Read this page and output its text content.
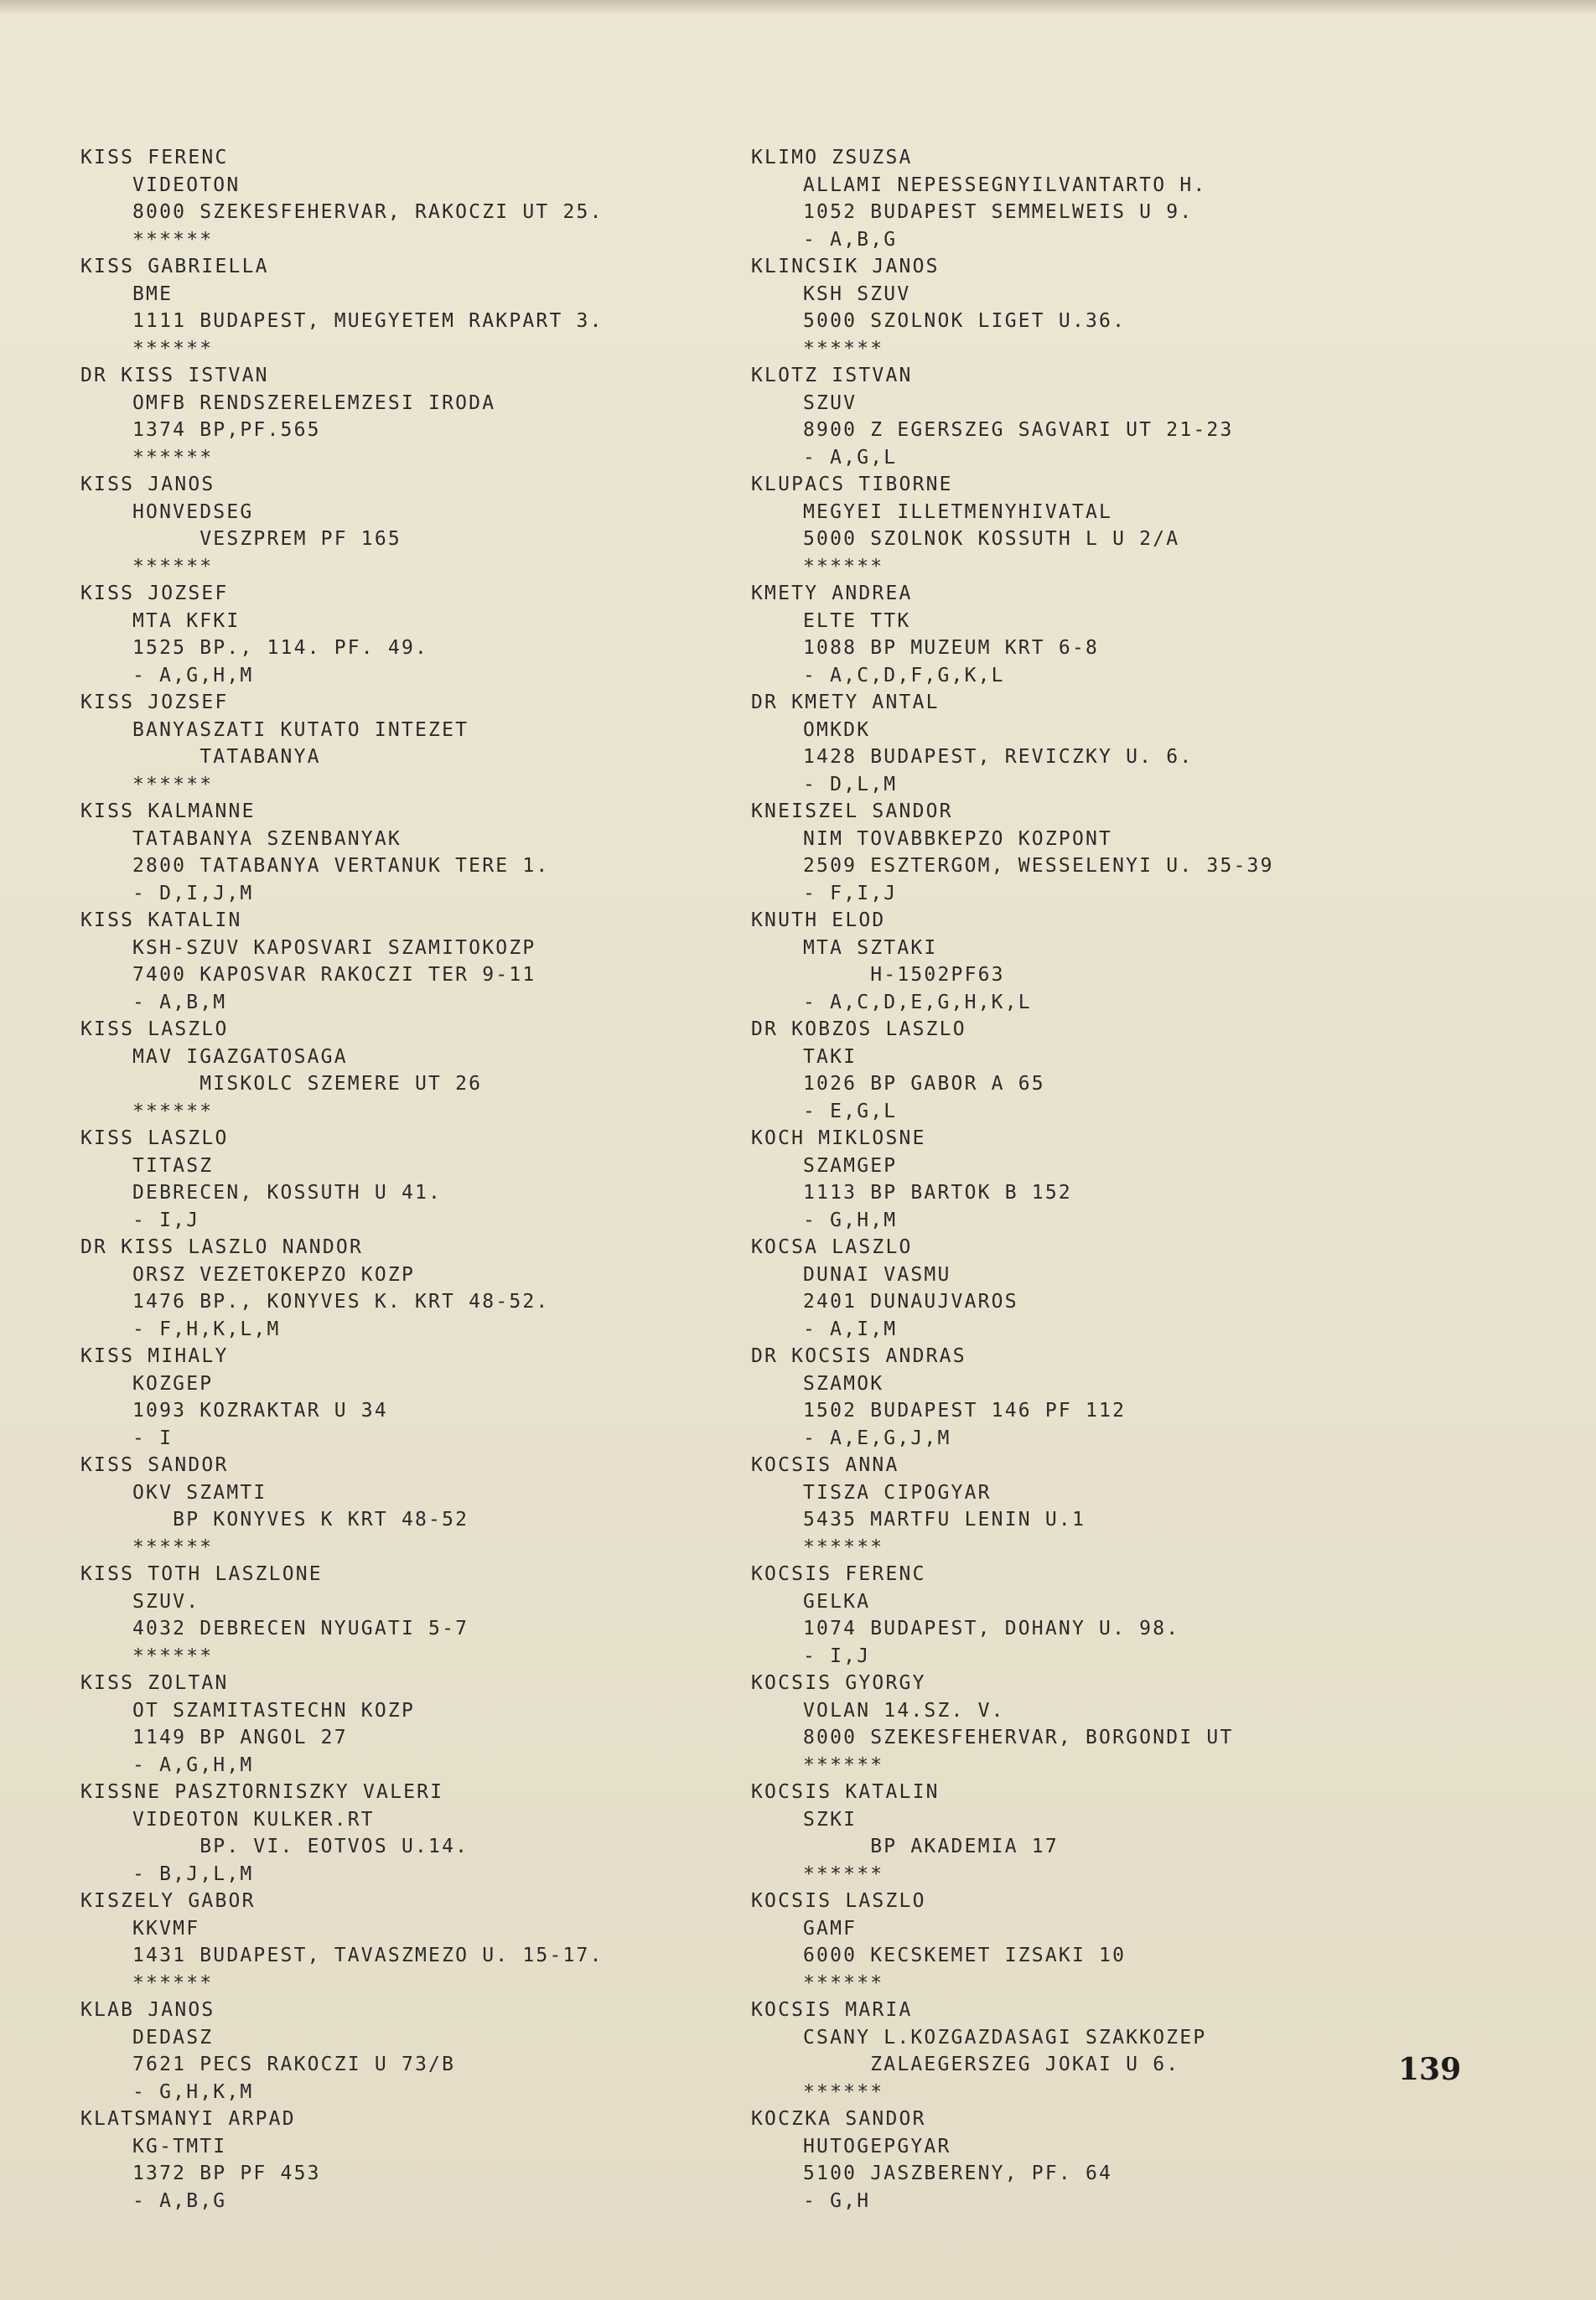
KISS FERENC
VIDEOTON
8000 SZEKESFEHERVAR, RAKOCZI UT 25.
******
KISS GABRIELLA
BME
1111 BUDAPEST, MUEGYETEM RAKPART 3.
******
DR KISS ISTVAN
OMFB RENDSZERELEMZESI IRODA
1374 BP,PF.565
******
KISS JANOS
HONVEDSEG
VESZPREM PF 165
******
KISS JOZSEF
MTA KFKI
1525 BP., 114. PF. 49.
- A,G,H,M
KISS JOZSEF
BANYASZATI KUTATO INTEZET
TATABANYA
******
KISS KALMANNE
TATABANYA SZENBANYAK
2800 TATABANYA VERTANUK TERE 1.
- D,I,J,M
KISS KATALIN
KSH-SZUV KAPOSVARI SZAMITOKOZP
7400 KAPOSVAR RAKOCZI TER 9-11
- A,B,M
KISS LASZLO
MAV IGAZGATOSAGA
MISKOLC SZEMERE UT 26
******
KISS LASZLO
TITASZ
DEBRECEN, KOSSUTH U 41.
- I,J
DR KISS LASZLO NANDOR
ORSZ VEZETOKEPZO KOZP
1476 BP., KONYVES K. KRT 48-52.
- F,H,K,L,M
KISS MIHALY
KOZGEP
1093 KOZRAKTAR U 34
- I
KISS SANDOR
OKV SZAMTI
BP KONYVES K KRT 48-52
******
KISS TOTH LASZLONE
SZUV.
4032 DEBRECEN NYUGATI 5-7
******
KISS ZOLTAN
OT SZAMITASTECHN KOZP
1149 BP ANGOL 27
- A,G,H,M
KISSNE PASZTORNISZKY VALERI
VIDEOTON KULKER.RT
BP. VI. EOTVOS U.14.
- B,J,L,M
KISZELY GABOR
KKVMF
1431 BUDAPEST, TAVASZMEZO U. 15-17.
******
KLAB JANOS
DEDASZ
7621 PECS RAKOCZI U 73/B
- G,H,K,M
KLATSMANYI ARPAD
KG-TMTI
1372 BP PF 453
- A,B,G
KLIMO ZSUZSA
ALLAMI NEPESSEGNYILVANTARTO H.
1052 BUDAPEST SEMMELWEIS U 9.
- A,B,G
KLINCSIK JANOS
KSH SZUV
5000 SZOLNOK LIGET U.36.
******
KLOTZ ISTVAN
SZUV
8900 Z EGERSZEG SAGVARI UT 21-23
- A,G,L
KLUPACS TIBORNE
MEGYEI ILLETMENYHIVATAL
5000 SZOLNOK KOSSUTH L U 2/A
******
KMETY ANDREA
ELTE TTK
1088 BP MUZEUM KRT 6-8
- A,C,D,F,G,K,L
DR KMETY ANTAL
OMKDK
1428 BUDAPEST, REVICZKY U. 6.
- D,L,M
KNEISZEL SANDOR
NIM TOVABBKEPZO KOZPONT
2509 ESZTERGOM, WESSELENYI U. 35-39
- F,I,J
KNUTH ELOD
MTA SZTAKI
H-1502PF63
- A,C,D,E,G,H,K,L
DR KOBZOS LASZLO
TAKI
1026 BP GABOR A 65
- E,G,L
KOCH MIKLOSNE
SZAMGEP
1113 BP BARTOK B 152
- G,H,M
KOCSA LASZLO
DUNAI VASMU
2401 DUNAUJVAROS
- A,I,M
DR KOCSIS ANDRAS
SZAMOK
1502 BUDAPEST 146 PF 112
- A,E,G,J,M
KOCSIS ANNA
TISZA CIPOGYAR
5435 MARTFU LENIN U.1
******
KOCSIS FERENC
GELKA
1074 BUDAPEST, DOHANY U. 98.
- I,J
KOCSIS GYORGY
VOLAN 14.SZ. V.
8000 SZEKESFEHERVAR, BORGONDI UT
******
KOCSIS KATALIN
SZKI
BP AKADEMIA 17
******
KOCSIS LASZLO
GAMF
6000 KECSKEMET IZSAKI 10
******
KOCSIS MARIA
CSANY L.KOZGAZDASAGI SZAKKOZEP
ZALAEGERSZEG JOKAI U 6.
******
KOCZKA SANDOR
HUTOGEPGYAR
5100 JASZBERENY, PF. 64
- G,H
139
